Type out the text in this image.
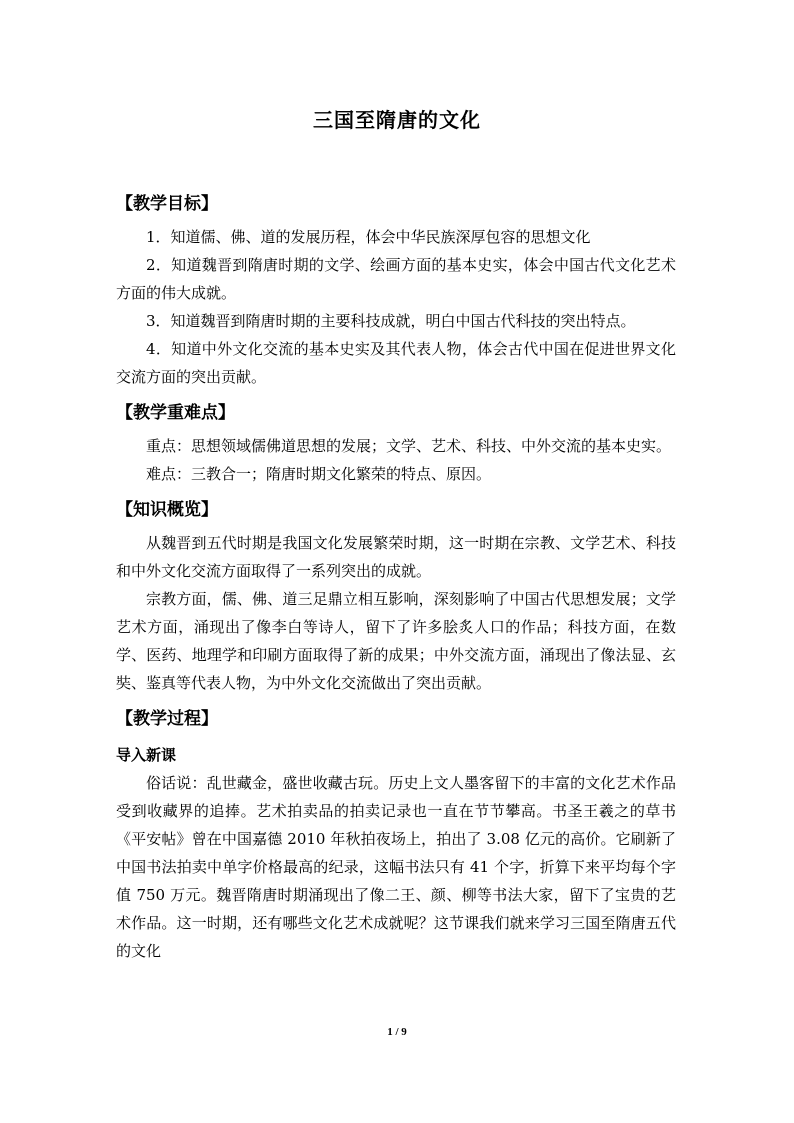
三国至隋唐的文化
【教学目标】

1．知道儒、佛、道的发展历程，体会中华民族深厚包容的思想文化

2．知道魏晋到隋唐时期的文学、绘画方面的基本史实，体会中国古代文化艺术方面的伟大成就。

3．知道魏晋到隋唐时期的主要科技成就，明白中国古代科技的突出特点。

4．知道中外文化交流的基本史实及其代表人物，体会古代中国在促进世界文化交流方面的突出贡献。

【教学重难点】

重点：思想领域儒佛道思想的发展；文学、艺术、科技、中外交流的基本史实。

难点：三教合一；隋唐时期文化繁荣的特点、原因。

【知识概览】

从魏晋到五代时期是我国文化发展繁荣时期，这一时期在宗教、文学艺术、科技和中外文化交流方面取得了一系列突出的成就。

宗教方面，儒、佛、道三足鼎立相互影响，深刻影响了中国古代思想发展；文学艺术方面，涌现出了像李白等诗人，留下了许多脍炙人口的作品；科技方面，在数学、医药、地理学和印刷方面取得了新的成果；中外交流方面，涌现出了像法显、玄奘、鉴真等代表人物，为中外文化交流做出了突出贡献。

【教学过程】
导入新课

俗话说：乱世藏金，盛世收藏古玩。历史上文人墨客留下的丰富的文化艺术作品受到收藏界的追捧。艺术拍卖品的拍卖记录也一直在节节攀高。书圣王羲之的草书《平安帖》曾在中国嘉德 2010 年秋拍夜场上，拍出了 3.08 亿元的高价。它刷新了中国书法拍卖中单字价格最高的纪录，这幅书法只有 41 个字，折算下来平均每个字值 750 万元。魏晋隋唐时期涌现出了像二王、颜、柳等书法大家，留下了宝贵的艺术作品。这一时期，还有哪些文化艺术成就呢？这节课我们就来学习三国至隋唐五代的文化

1 / 9
